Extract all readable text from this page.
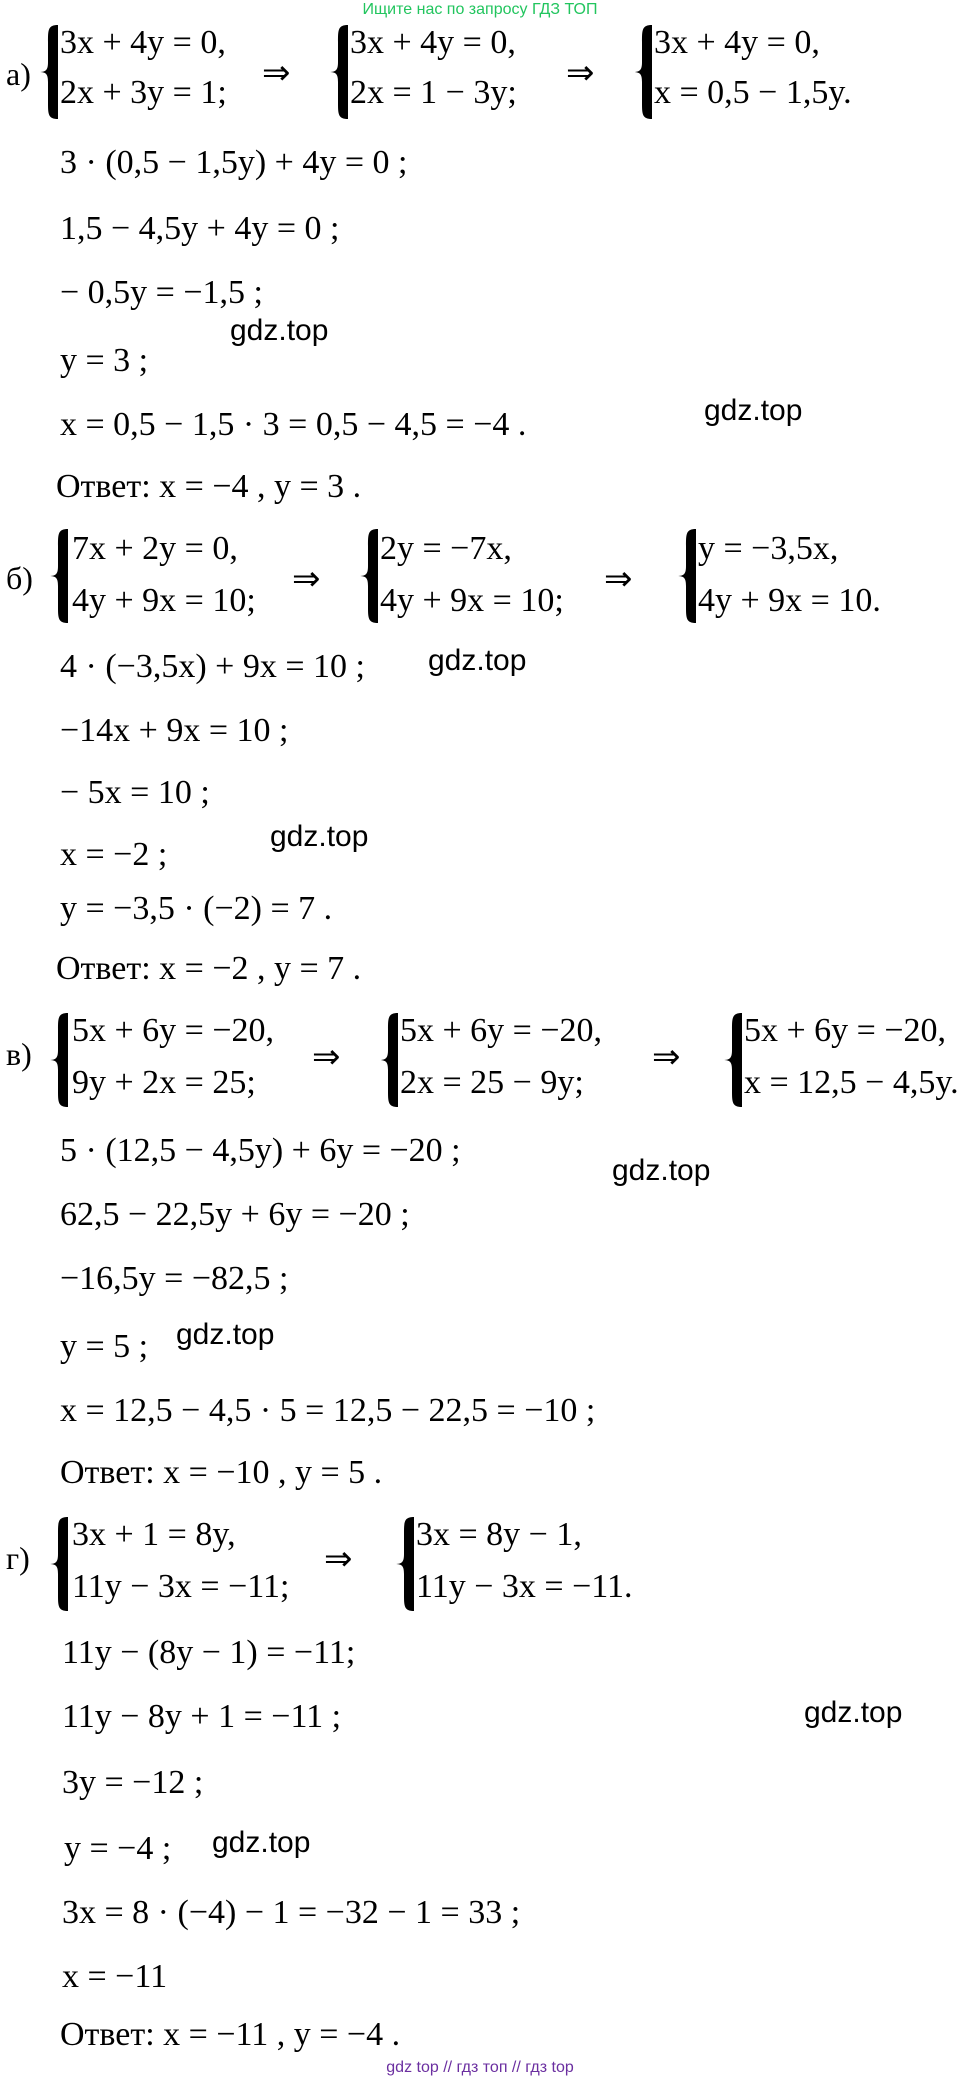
Ищите нас по запросу ГДЗ ТОП
а)
3x + 4y = 0,
2x + 3y = 1; ⇒
3x + 4y = 0,
2x = 1 − 3y; ⇒
3x + 4y = 0,
x = 0,5 − 1,5y.
3 · (0,5 − 1,5y) + 4y = 0 ;
1,5 − 4,5y + 4y = 0 ;
− 0,5y = −1,5 ;
gdz.top
y = 3 ;
x = 0,5 − 1,5 · 3 = 0,5 − 4,5 = −4 .	gdz.top
Ответ: x = −4 , y = 3 .
б)
7x + 2y = 0,
4y + 9x = 10;
⇒
2y = −7x,
4y + 9x = 10;
⇒
y = −3,5x,
4y + 9x = 10.
4 · (−3,5x) + 9x = 10 ; gdz.top
−14x + 9x = 10 ;
− 5x = 10 ;
x = −2 ;	gdz.top
y = −3,5 · (−2) = 7 .
Ответ: x = −2 , y = 7 .
в)
5x + 6y = −20,
9y + 2x = 25;
⇒
5x + 6y = −20,
2x = 25 − 9y;
⇒
5x + 6y = −20,
x = 12,5 − 4,5y.
5 · (12,5 − 4,5y) + 6y = −20 ;
gdz.top
62,5 − 22,5y + 6y = −20 ;
−16,5y = −82,5 ;
y = 5 ; gdz.top
x = 12,5 − 4,5 · 5 = 12,5 − 22,5 = −10 ;
Ответ: x = −10 , y = 5 .
г)
3x + 1 = 8y,
11y − 3x = −11;
⇒
3x = 8y − 1,
11y − 3x = −11.
11y − (8y − 1) = −11;
11y − 8y + 1 = −11 ;	gdz.top
3y = −12 ;
y = −4 ; gdz.top
3x = 8 · (−4) − 1 = −32 − 1 = 33 ;
x = −11
Ответ: x = −11 , y = −4 .
gdz top // гдз топ // гдз top
